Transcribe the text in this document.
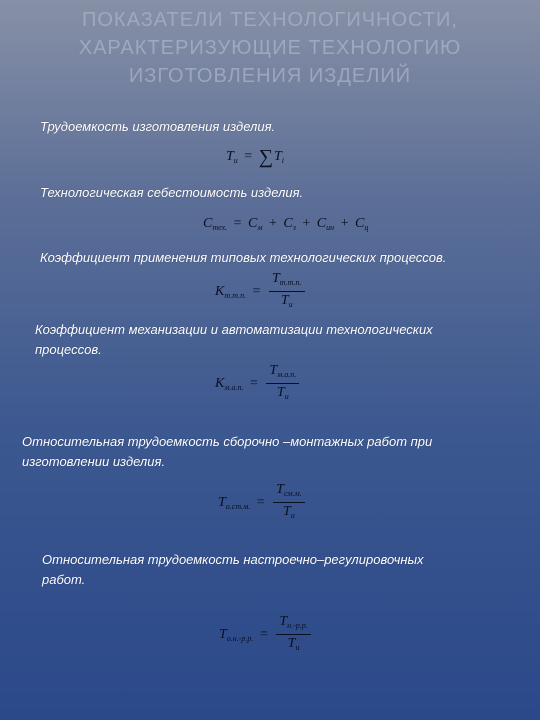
ПОКАЗАТЕЛИ ТЕХНОЛОГИЧНОСТИ,
ХАРАКТЕРИЗУЮЩИЕ ТЕХНОЛОГИЮ
ИЗГОТОВЛЕНИЯ ИЗДЕЛИЙ
Трудоемкость изготовления изделия.
$T_и = \sum T_i$
Технологическая себестоимость изделия.
$C_{тех.} = C_м + C_з + C_{ин} + C_ц$
Коэффициент применения типовых технологических процессов.
$K_{т.т.п.} = \frac{T_{т.т.п.}}{T_и}$
Коэффициент механизации и автоматизации технологических
процессов.
$K_{м.а.п.} = \frac{T_{м.а.п.}}{T_и}$
Относительная трудоемкость сборочно –монтажных работ при
изготовлении изделия.
$T_{о.сm.м.} = \frac{T_{см.м.}}{T_и}$
Относительная трудоемкость настроечно–регулировочных
работ.
$T_{о.н.-р.р.} = \frac{T_{н.-р.р.}}{T_и}$
